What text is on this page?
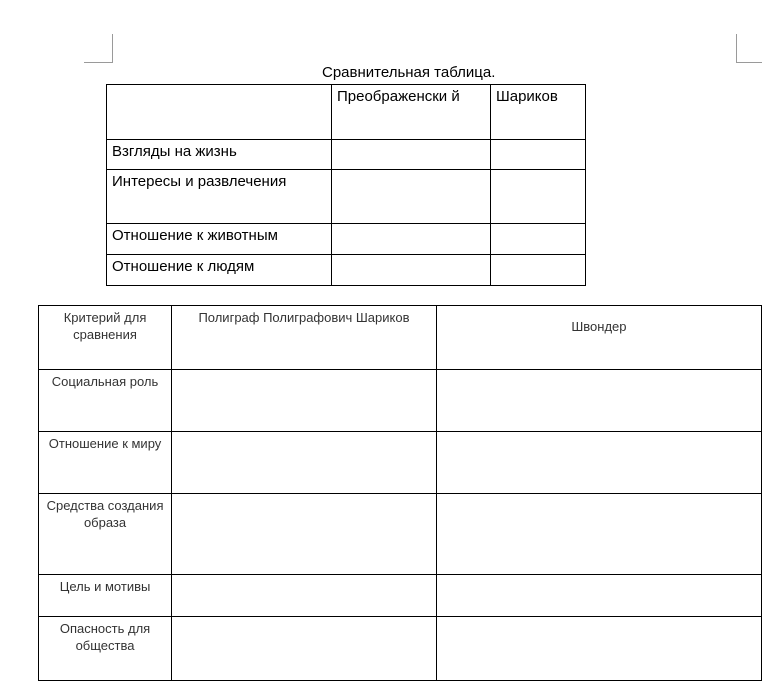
Сравнительная таблица.
	Преображенски й	Шариков
Взгляды на жизнь		
Интересы и развлечения		
Отношение к животным		
Отношение к людям		
Критерий для сравнения	Полиграф Полиграфович Шариков	Швондер
Социальная роль		
Отношение к миру		
Средства создания образа		
Цель и мотивы		
Опасность для общества		
